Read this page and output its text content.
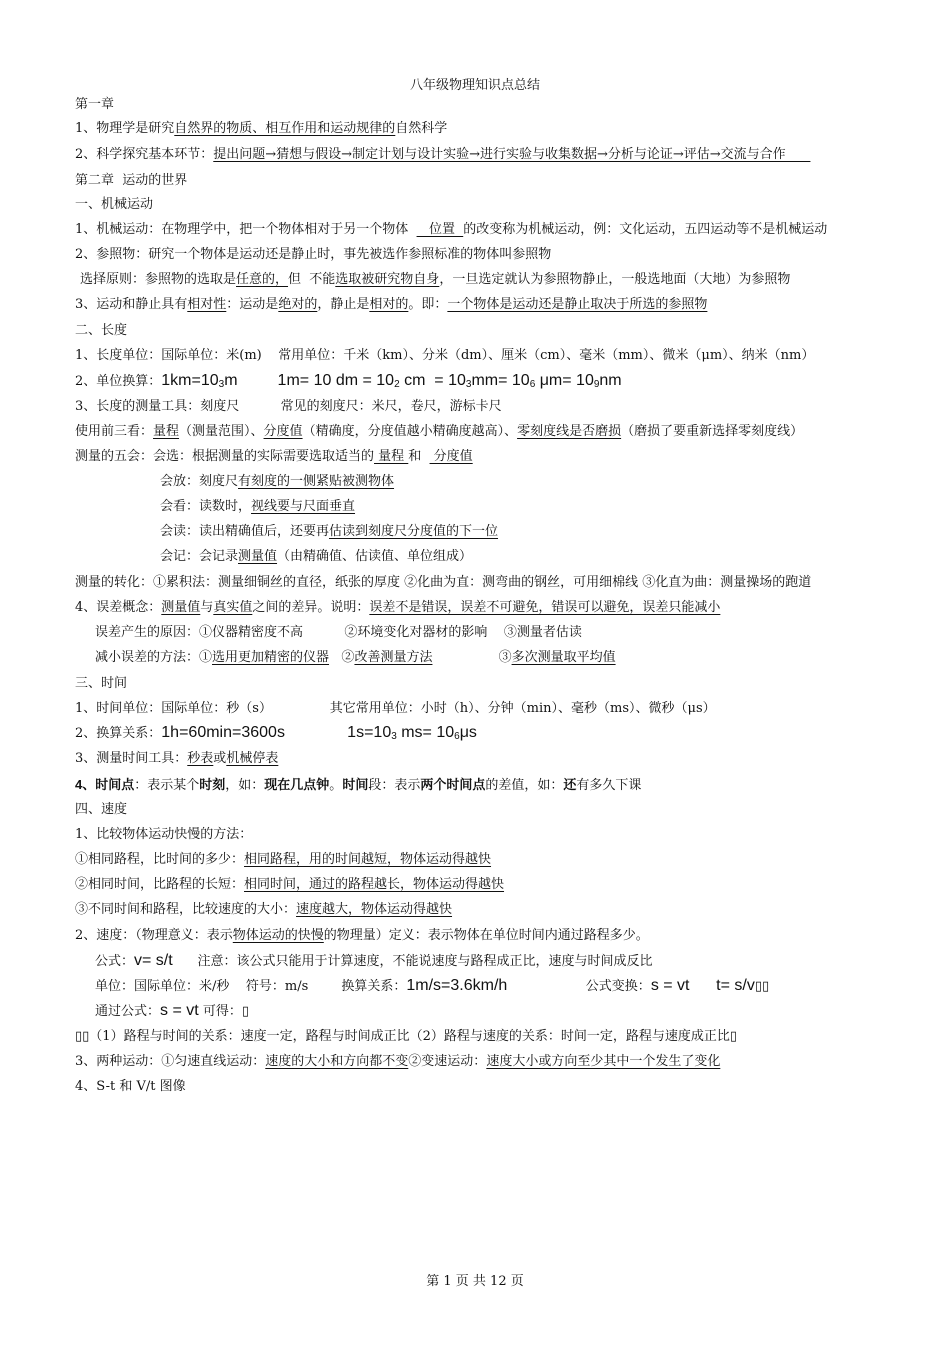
八年级物理知识点总结
第一章
1、物理学是研究自然界的物质、相互作用和运动规律的自然科学
2、科学探究基本环节：提出问题→猜想与假设→制定计划与设计实验→进行实验与收集数据→分析与论证→评估→交流与合作
第二章  运动的世界
一、机械运动
1、机械运动：在物理学中，把一个物体相对于另一个物体     位置  的改变称为机械运动，例：文化运动，五四运动等不是机械运动
2、参照物：研究一个物体是运动还是静止时，事先被选作参照标准的物体叫参照物
选择原则：参照物的选取是任意的，但  不能选取被研究物自身，一旦选定就认为参照物静止，一般选地面（大地）为参照物
3、运动和静止具有相对性：运动是绝对的，静止是相对的。即：一个物体是运动还是静止取决于所选的参照物
二、长度
1、长度单位：国际单位：米(m)    常用单位：千米（km）、分米（dm）、厘米（cm）、毫米（mm）、微米（μm）、纳米（nm）
2、单位换算：1km=103m         1m= 10 dm = 102 cm  = 103mm= 106 μm= 109nm
3、长度的测量工具：刻度尺          常见的刻度尺：米尺，卷尺，游标卡尺
使用前三看：量程（测量范围）、分度值（精确度，分度值越小精确度越高）、零刻度线是否磨损（磨损了要重新选择零刻度线）
测量的五会：会选：根据测量的实际需要选取适当的 量程 和   分度值
会放：刻度尺有刻度的一侧紧贴被测物体
会看：读数时，视线要与尺面垂直
会读：读出精确值后，还要再估读到刻度尺分度值的下一位
会记：会记录测量值（由精确值、估读值、单位组成）
测量的转化：①累积法：测量细铜丝的直径，纸张的厚度 ②化曲为直：测弯曲的钢丝，可用细棉线 ③化直为曲：测量操场的跑道
4、误差概念：测量值与真实值之间的差异。说明：误差不是错误，误差不可避免，错误可以避免，误差只能减小
误差产生的原因：①仪器精密度不高          ②环境变化对器材的影响    ③测量者估读
减小误差的方法：①选用更加精密的仪器   ②改善测量方法                ③多次测量取平均值
三、时间
1、时间单位：国际单位：秒（s）              其它常用单位：小时（h）、分钟（min）、毫秒（ms）、微秒（μs）
2、换算关系：1h=60min=3600s              1s=103 ms= 106μs
3、测量时间工具：秒表或机械停表
4、时间点：表示某个时刻，如：现在几点钟。时间段：表示两个时间点的差值，如：还有多久下课
四、速度
1、比较物体运动快慢的方法：
①相同路程，比时间的多少：相同路程，用的时间越短，物体运动得越快
②相同时间，比路程的长短：相同时间，通过的路程越长，物体运动得越快
③不同时间和路程，比较速度的大小：速度越大，物体运动得越快
2、速度：（物理意义：表示物体运动的快慢的物理量）定义：表示物体在单位时间内通过路程多少。
公式：v= s/t      注意：该公式只能用于计算速度，不能说速度与路程成正比，速度与时间成反比
单位：国际单位：米/秒    符号：m/s        换算关系：1m/s=3.6km/h                   公式变换：s = vt      t= s/v▯▯
通过公式：s = vt 可得：▯
▯▯（1）路程与时间的关系：速度一定，路程与时间成正比（2）路程与速度的关系：时间一定，路程与速度成正比▯
3、两种运动：①匀速直线运动：速度的大小和方向都不变②变速运动：速度大小或方向至少其中一个发生了变化
4、S-t 和 V/t 图像
第 1 页 共 12 页
